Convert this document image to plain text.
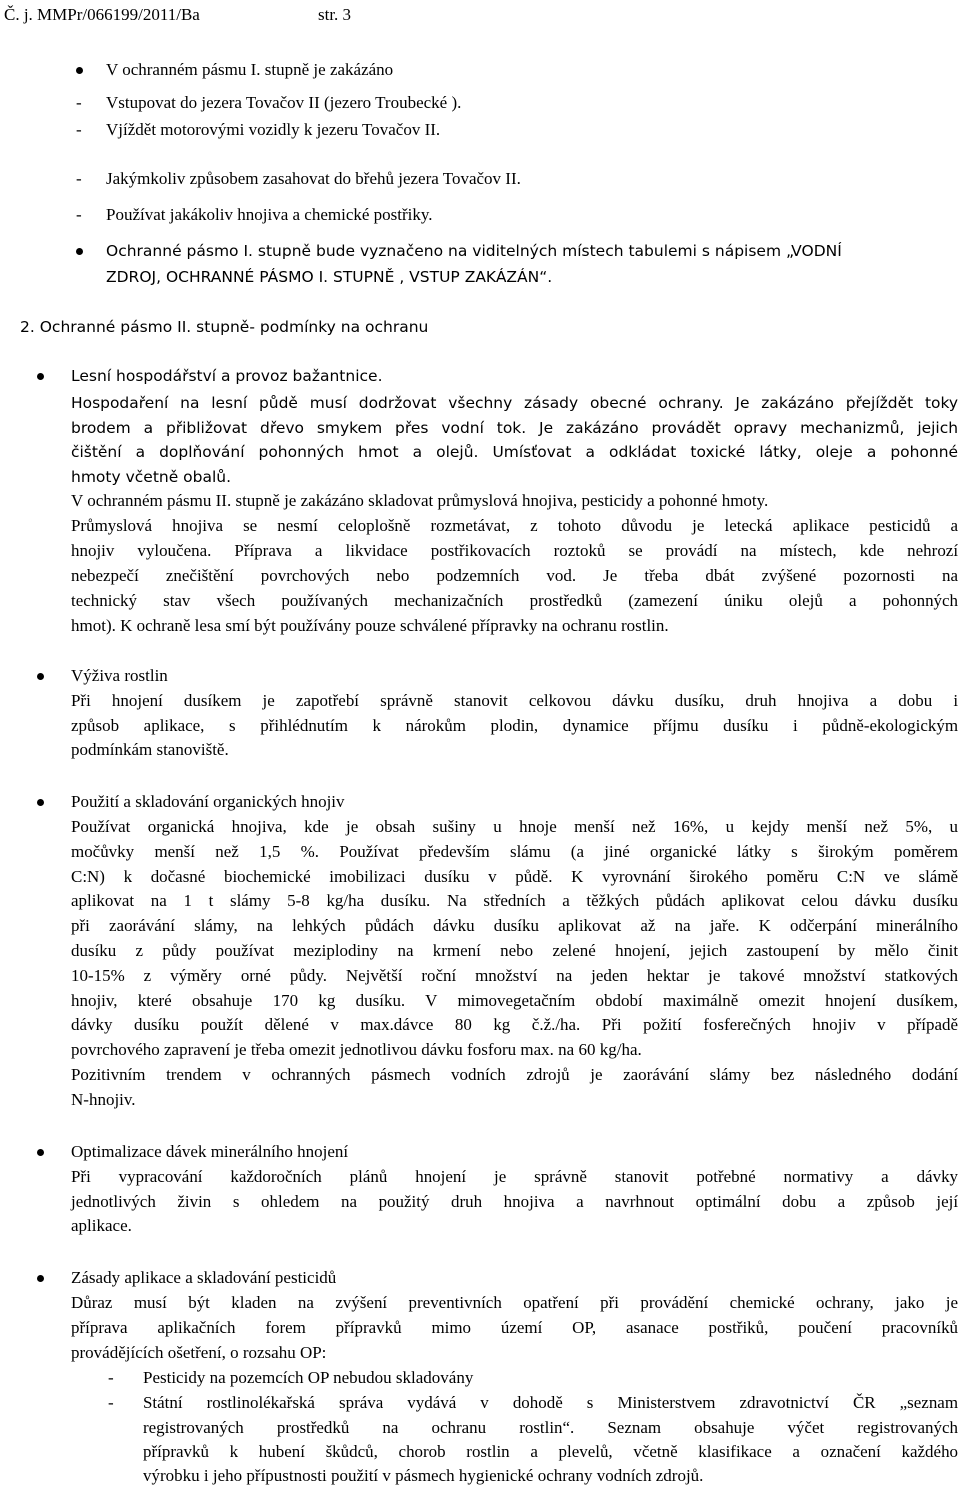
Č. j. MMPr/066199/2011/Ba	str. 3
V ochranném pásmu I. stupně je zakázáno
- Vstupovat do jezera Tovačov II (jezero Troubecké ).
- Vjíždět motorovými vozidly k jezeru Tovačov II.
- Jakýmkoliv způsobem zasahovat do břehů jezera Tovačov II.
- Používat jakákoliv hnojiva a chemické postřiky.
Ochranné pásmo I. stupně bude vyznačeno na viditelných místech tabulemi s nápisem „VODNÍ
ZDROJ, OCHRANNÉ PÁSMO I. STUPNĚ , VSTUP ZAKÁZÁN“.
2. Ochranné pásmo II. stupně- podmínky na ochranu
Lesní hospodářství a provoz bažantnice.
Hospodaření na lesní půdě musí dodržovat všechny zásady obecné ochrany. Je zakázáno přejíždět toky
brodem a přibližovat dřevo smykem přes vodní tok. Je zakázáno provádět opravy mechanizmů, jejich
čištění a doplňování pohonných hmot a olejů. Umísťovat a odkládat toxické látky, oleje a pohonné
hmoty včetně obalů.
V ochranném pásmu II. stupně je zakázáno skladovat průmyslová hnojiva, pesticidy a pohonné hmoty.
Průmyslová hnojiva se nesmí celoplošně rozmetávat, z tohoto důvodu je letecká aplikace pesticidů a
hnojiv vyloučena. Příprava a likvidace postřikovacích roztoků se provádí na místech, kde nehrozí
nebezpečí znečištění povrchových nebo podzemních vod. Je třeba dbát zvýšené pozornosti na
technický stav všech používaných mechanizačních prostředků (zamezení úniku olejů a pohonných
hmot). K ochraně lesa smí být používány pouze schválené přípravky na ochranu rostlin.
Výživa rostlin
Při hnojení dusíkem je zapotřebí správně stanovit celkovou dávku dusíku, druh hnojiva a dobu i
způsob aplikace, s přihlédnutím k nárokům plodin, dynamice příjmu dusíku i půdně-ekologickým
podmínkám stanoviště.
Použití a skladování organických hnojiv
Používat organická hnojiva, kde je obsah sušiny u hnoje menší než 16%, u kejdy menší než 5%, u
močůvky menší než 1,5 %. Používat především slámu (a jiné organické látky s širokým poměrem
C:N) k dočasné biochemické imobilizaci dusíku v půdě. K vyrovnání širokého poměru C:N ve slámě
aplikovat na 1 t slámy 5-8 kg/ha dusíku. Na středních a těžkých půdách aplikovat celou dávku dusíku
při zaorávání slámy, na lehkých půdách dávku dusíku aplikovat až na jaře. K odčerpání minerálního
dusíku z půdy používat meziplodiny na krmení nebo zelené hnojení, jejich zastoupení by mělo činit
10-15% z výměry orné půdy. Největší roční množství na jeden hektar je takové množství statkových
hnojiv, které obsahuje 170 kg dusíku. V mimovegetačním období maximálně omezit hnojení dusíkem,
dávky dusíku použít dělené v max.dávce 80 kg č.ž./ha. Při požití fosferečných hnojiv v případě
povrchového zapravení je třeba omezit jednotlivou dávku fosforu max. na 60 kg/ha.
Pozitivním trendem v ochranných pásmech vodních zdrojů je zaorávání slámy bez následného dodání
N-hnojiv.
Optimalizace dávek minerálního hnojení
Při vypracování každoročních plánů hnojení je správně stanovit potřebné normativy a dávky
jednotlivých živin s ohledem na použitý druh hnojiva a navrhnout optimální dobu a způsob její
aplikace.
Zásady aplikace a skladování pesticidů
Důraz musí být kladen na zvýšení preventivních opatření při provádění chemické ochrany, jako je
příprava aplikačních forem přípravků mimo území OP, asanace postřiků, poučení pracovníků
provádějících ošetření, o rozsahu OP:
- Pesticidy na pozemcích OP nebudou skladovány
- Státní rostlinolékařská správa vydává v dohodě s Ministerstvem zdravotnictví ČR „seznam
registrovaných prostředků na ochranu rostlin“. Seznam obsahuje výčet registrovaných
přípravků k hubení škůdců, chorob rostlin a plevelů, včetně klasifikace a označení každého
výrobku i jeho přípustnosti použití v pásmech hygienické ochrany vodních zdrojů.
